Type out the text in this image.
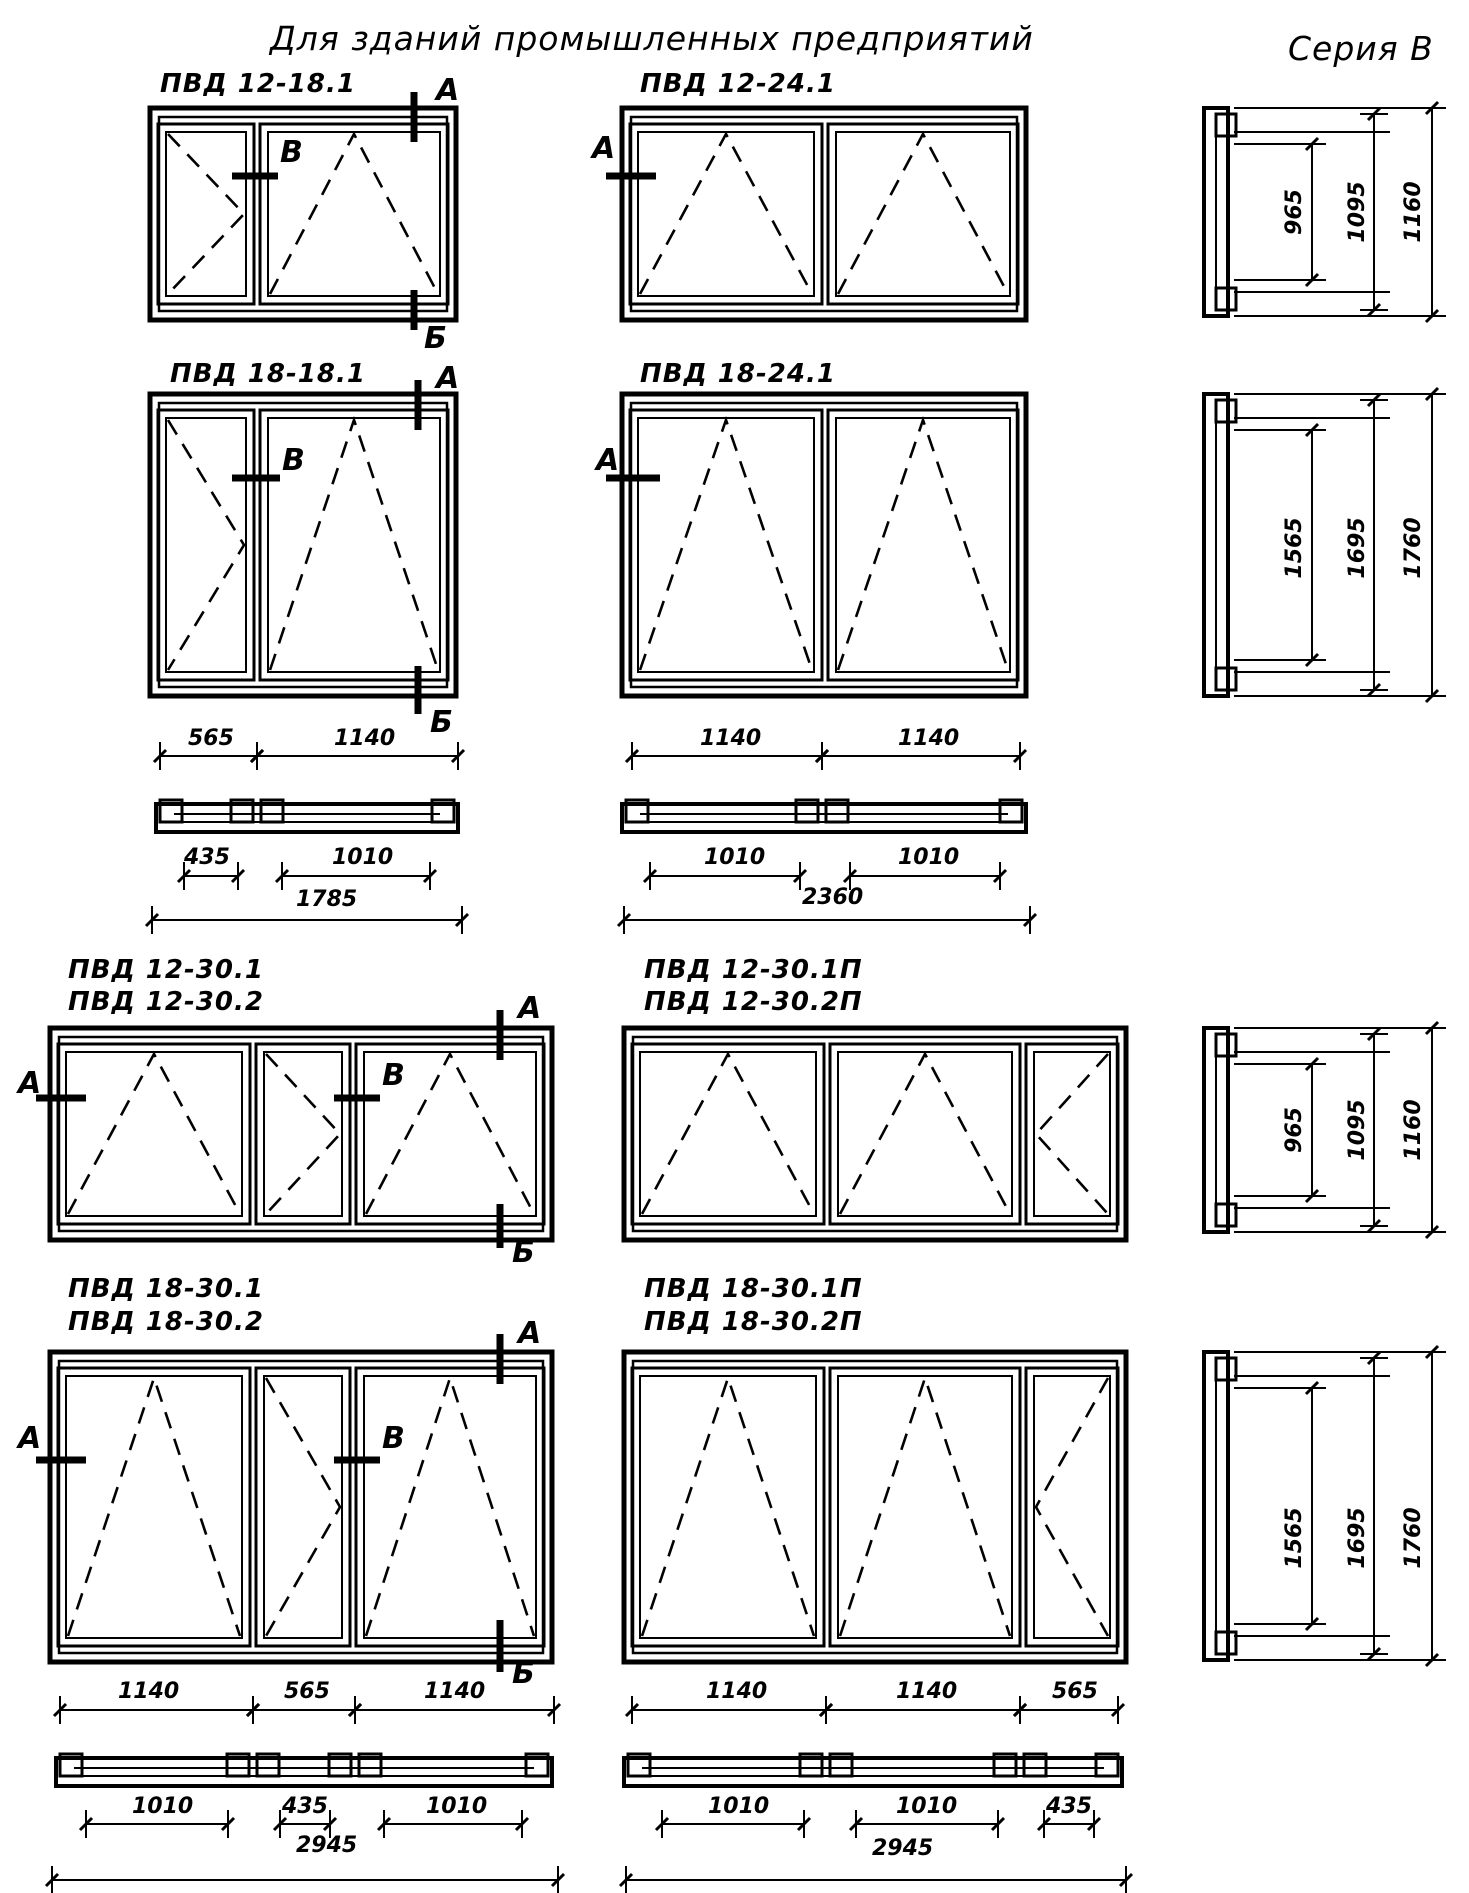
Для зданий промышленных предприятий	Серия В
ПВД 12-18.1	ПВД 12-24.1
ПВД 18-18.1	ПВД 18-24.1
ПВД 12-30.1
ПВД 12-30.2
ПВД 12-30.1П
ПВД 12-30.2П
ПВД 18-30.1
ПВД 18-30.2
ПВД 18-30.1П
ПВД 18-30.2П
А
В
Б
А
А
В
Б
А
А
А	В
Б
А
А	В
Б
565	1140
435	1010
1785
1140	1140
1010	1010
2360
1140	565	1140
1010	435	1010
2945
1140	1140	565
1010	1010	435
2945
965 1095 1160
1565 1695 1760
965 1095 1160
1565 1695 1760
